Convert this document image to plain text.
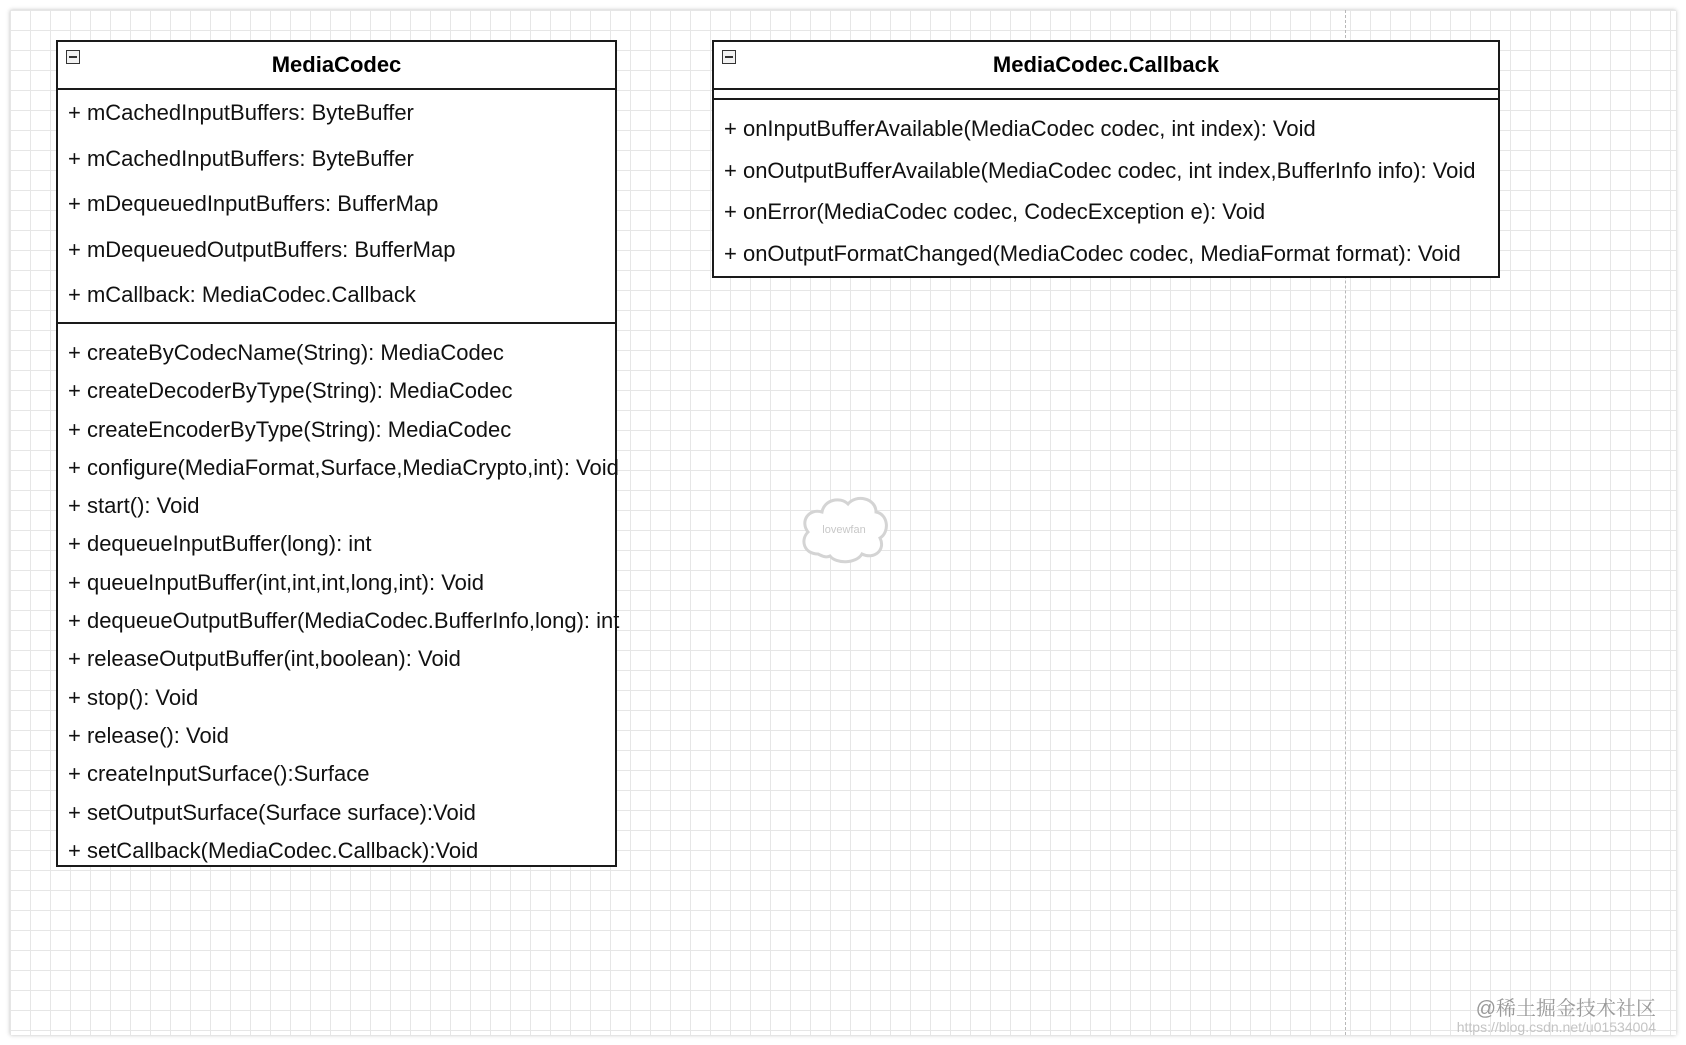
MediaCodec
+ mCachedInputBuffers: ByteBuffer
+ mCachedInputBuffers: ByteBuffer
+ mDequeuedInputBuffers: BufferMap
+ mDequeuedOutputBuffers: BufferMap
+ mCallback: MediaCodec.Callback
+ createByCodecName(String): MediaCodec
+ createDecoderByType(String): MediaCodec
+ createEncoderByType(String): MediaCodec
+ configure(MediaFormat,Surface,MediaCrypto,int): Void
+ start(): Void
+ dequeueInputBuffer(long): int
+ queueInputBuffer(int,int,int,long,int): Void
+ dequeueOutputBuffer(MediaCodec.BufferInfo,long): int
+ releaseOutputBuffer(int,boolean): Void
+ stop(): Void
+ release(): Void
+ createInputSurface():Surface
+ setOutputSurface(Surface surface):Void
+ setCallback(MediaCodec.Callback):Void
MediaCodec.Callback
+ onInputBufferAvailable(MediaCodec codec, int index): Void
+ onOutputBufferAvailable(MediaCodec codec, int index,BufferInfo info): Void
+ onError(MediaCodec codec, CodecException e): Void
+ onOutputFormatChanged(MediaCodec codec, MediaFormat format): Void
lovewfan
@稀土掘金技术社区
https://blog.csdn.net/u01534004
